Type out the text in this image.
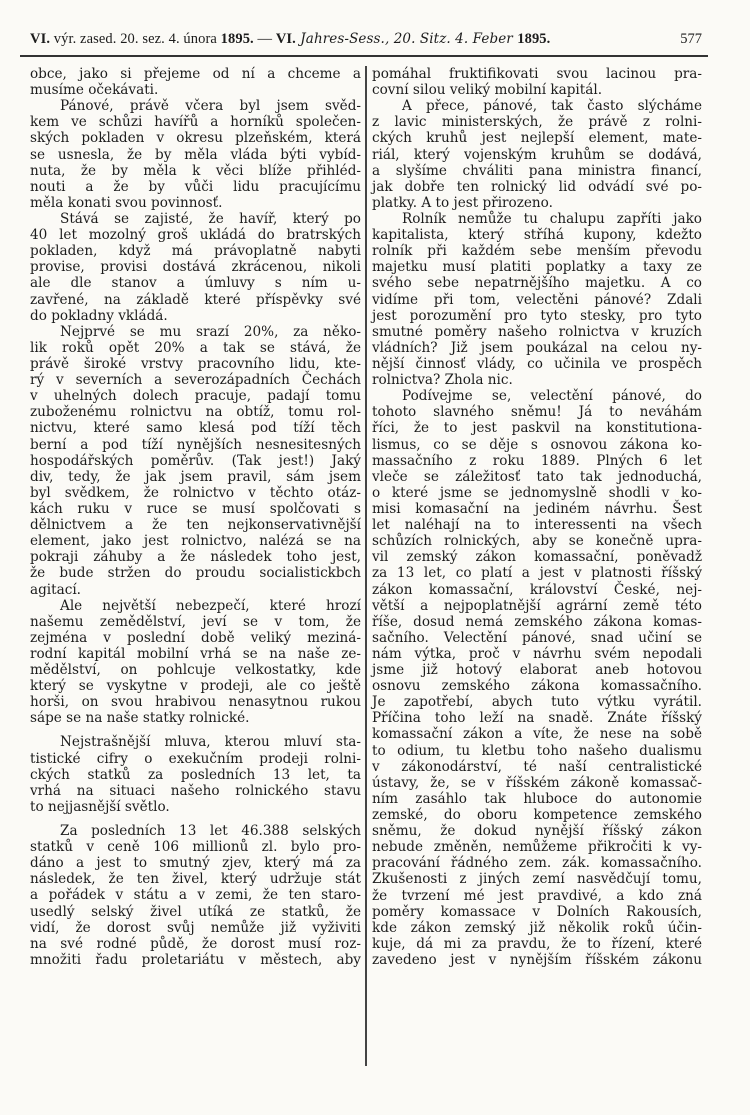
VI. výr. zased. 20. sez. 4. února 1895. — VI. Jahres-Sess., 20. Sitz. 4. Feber 1895.	577
obce, jako si přejeme od ní a chceme a
musíme očekávati.
Pánové, právě včera byl jsem svěd-
kem ve schůzi havířů a horníků společen-
ských pokladen v okresu plzeňském, která
se usnesla, že by měla vláda býti vybíd-
nuta, že by měla k věci blíže přihléd-
nouti a že by vůči lidu pracujícímu
měla konati svou povinnosť.
Stává se zajisté, že havíř, který po
40 let mozolný groš ukládá do bratrských
pokladen, když má právoplatně nabyti
provise, provisi dostává zkrácenou, nikoli
ale dle stanov a úmluvy s ním u-
zavřené, na základě které příspěvky své
do pokladny vkládá.
Nejprvé se mu srazí 20%, za něko-
lik roků opět 20% a tak se stává, že
právě široké vrstvy pracovního lidu, kte-
rý v severních a severozápadních Čechách
v uhelných dolech pracuje, padají tomu
zuboženému rolnictvu na obtíž, tomu rol-
nictvu, které samo klesá pod tíží těch
berní a pod tíží nynějších nesnesitesných
hospodářských poměrův. (Tak jest!) Jaký
div, tedy, že jak jsem pravil, sám jsem
byl svědkem, že rolnictvo v těchto otáz-
kách ruku v ruce se musí spolčovati s
dělnictvem a že ten nejkonservativnější
element, jako jest rolnictvo, nalézá se na
pokraji záhuby a že následek toho jest,
že bude stržen do proudu socialistickbch
agitací.
Ale největší nebezpečí, které hrozí
našemu zemědělství, jeví se v tom, že
zejména v poslední době veliký meziná-
rodní kapitál mobilní vrhá se na naše ze-
mědělství, on pohlcuje velkostatky, kde
který se vyskytne v prodeji, ale co ještě
horši, on svou hrabivou nenasytnou rukou
sápe se na naše statky rolnické.
Nejstrašnější mluva, kterou mluví sta-
tistické cifry o exekučním prodeji rolni-
ckých statků za posledních 13 let, ta
vrhá na situaci našeho rolnického stavu
to nejjasnější světlo.
Za posledních 13 let 46.388 selských
statků v ceně 106 millionů zl. bylo pro-
dáno a jest to smutný zjev, který má za
následek, že ten živel, který udržuje stát
a pořádek v státu a v zemi, že ten staro-
usedlý selský živel utíká ze statků, že
vidí, že dorost svůj nemůže již vyživiti
na své rodné půdě, že dorost musí roz-
množiti řadu proletariátu v městech, aby
pomáhal fruktifikovati svou lacinou pra-
covní silou veliký mobilní kapitál.
A přece, pánové, tak často slýcháme
z lavic ministerských, že právě z rolni-
ckých kruhů jest nejlepší element, mate-
riál, který vojenským kruhům se dodává,
a slyšíme chváliti pana ministra financí,
jak dobře ten rolnický lid odvádí své po-
platky. A to jest přirozeno.
Rolník nemůže tu chalupu zapříti jako
kapitalista, který stříhá kupony, kdežto
rolník při každém sebe menším převodu
majetku musí platiti poplatky a taxy ze
svého sebe nepatrnějšího majetku. A co
vidíme při tom, velectěni pánové? Zdali
jest porozumění pro tyto stesky, pro tyto
smutné poměry našeho rolnictva v kruzích
vládních? Již jsem poukázal na celou ny-
nější činnosť vlády, co učinila ve prospěch
rolnictva? Zhola nic.
Podívejme se, velectění pánové, do
tohoto slavného sněmu! Já to neváhám
říci, že to jest paskvil na konstitutiona-
lismus, co se děje s osnovou zákona ko-
massačního z roku 1889. Plných 6 let
vleče se záležitosť tato tak jednoduchá,
o které jsme se jednomyslně shodli v ko-
misi komasační na jediném návrhu. Šest
let naléhají na to interessenti na všech
schůzích rolnických, aby se konečně upra-
vil zemský zákon komassační, poněvadž
za 13 let, co platí a jest v platnosti říšský
zákon komassační, království České, nej-
větší a nejpoplatnější agrární země této
říše, dosud nemá zemského zákona komas-
sačního. Velectění pánové, snad učiní se
nám výtka, proč v návrhu svém nepodali
jsme již hotový elaborat aneb hotovou
osnovu zemského zákona komassačního.
Je zapotřebí, abych tuto výtku vyrátil.
Příčina toho leží na snadě. Znáte říšský
komassační zákon a víte, že nese na sobě
to odium, tu kletbu toho našeho dualismu
v zákonodárství, té naší centralistické
ústavy, že, se v říšském zákoně komassač-
ním zasáhlo tak hluboce do autonomie
zemské, do oboru kompetence zemského
sněmu, že dokud nynější říšský zákon
nebude změněn, nemůžeme přikročiti k vy-
pracování řádného zem. zák. komassačního.
Zkušenosti z jiných zemí nasvědčují tomu,
že tvrzení mé jest pravdivé, a kdo zná
poměry komassace v Dolních Rakousích,
kde zákon zemský již několik roků účin-
kuje, dá mi za pravdu, že to řízení, které
zavedeno jest v nynějším říšském zákonu
